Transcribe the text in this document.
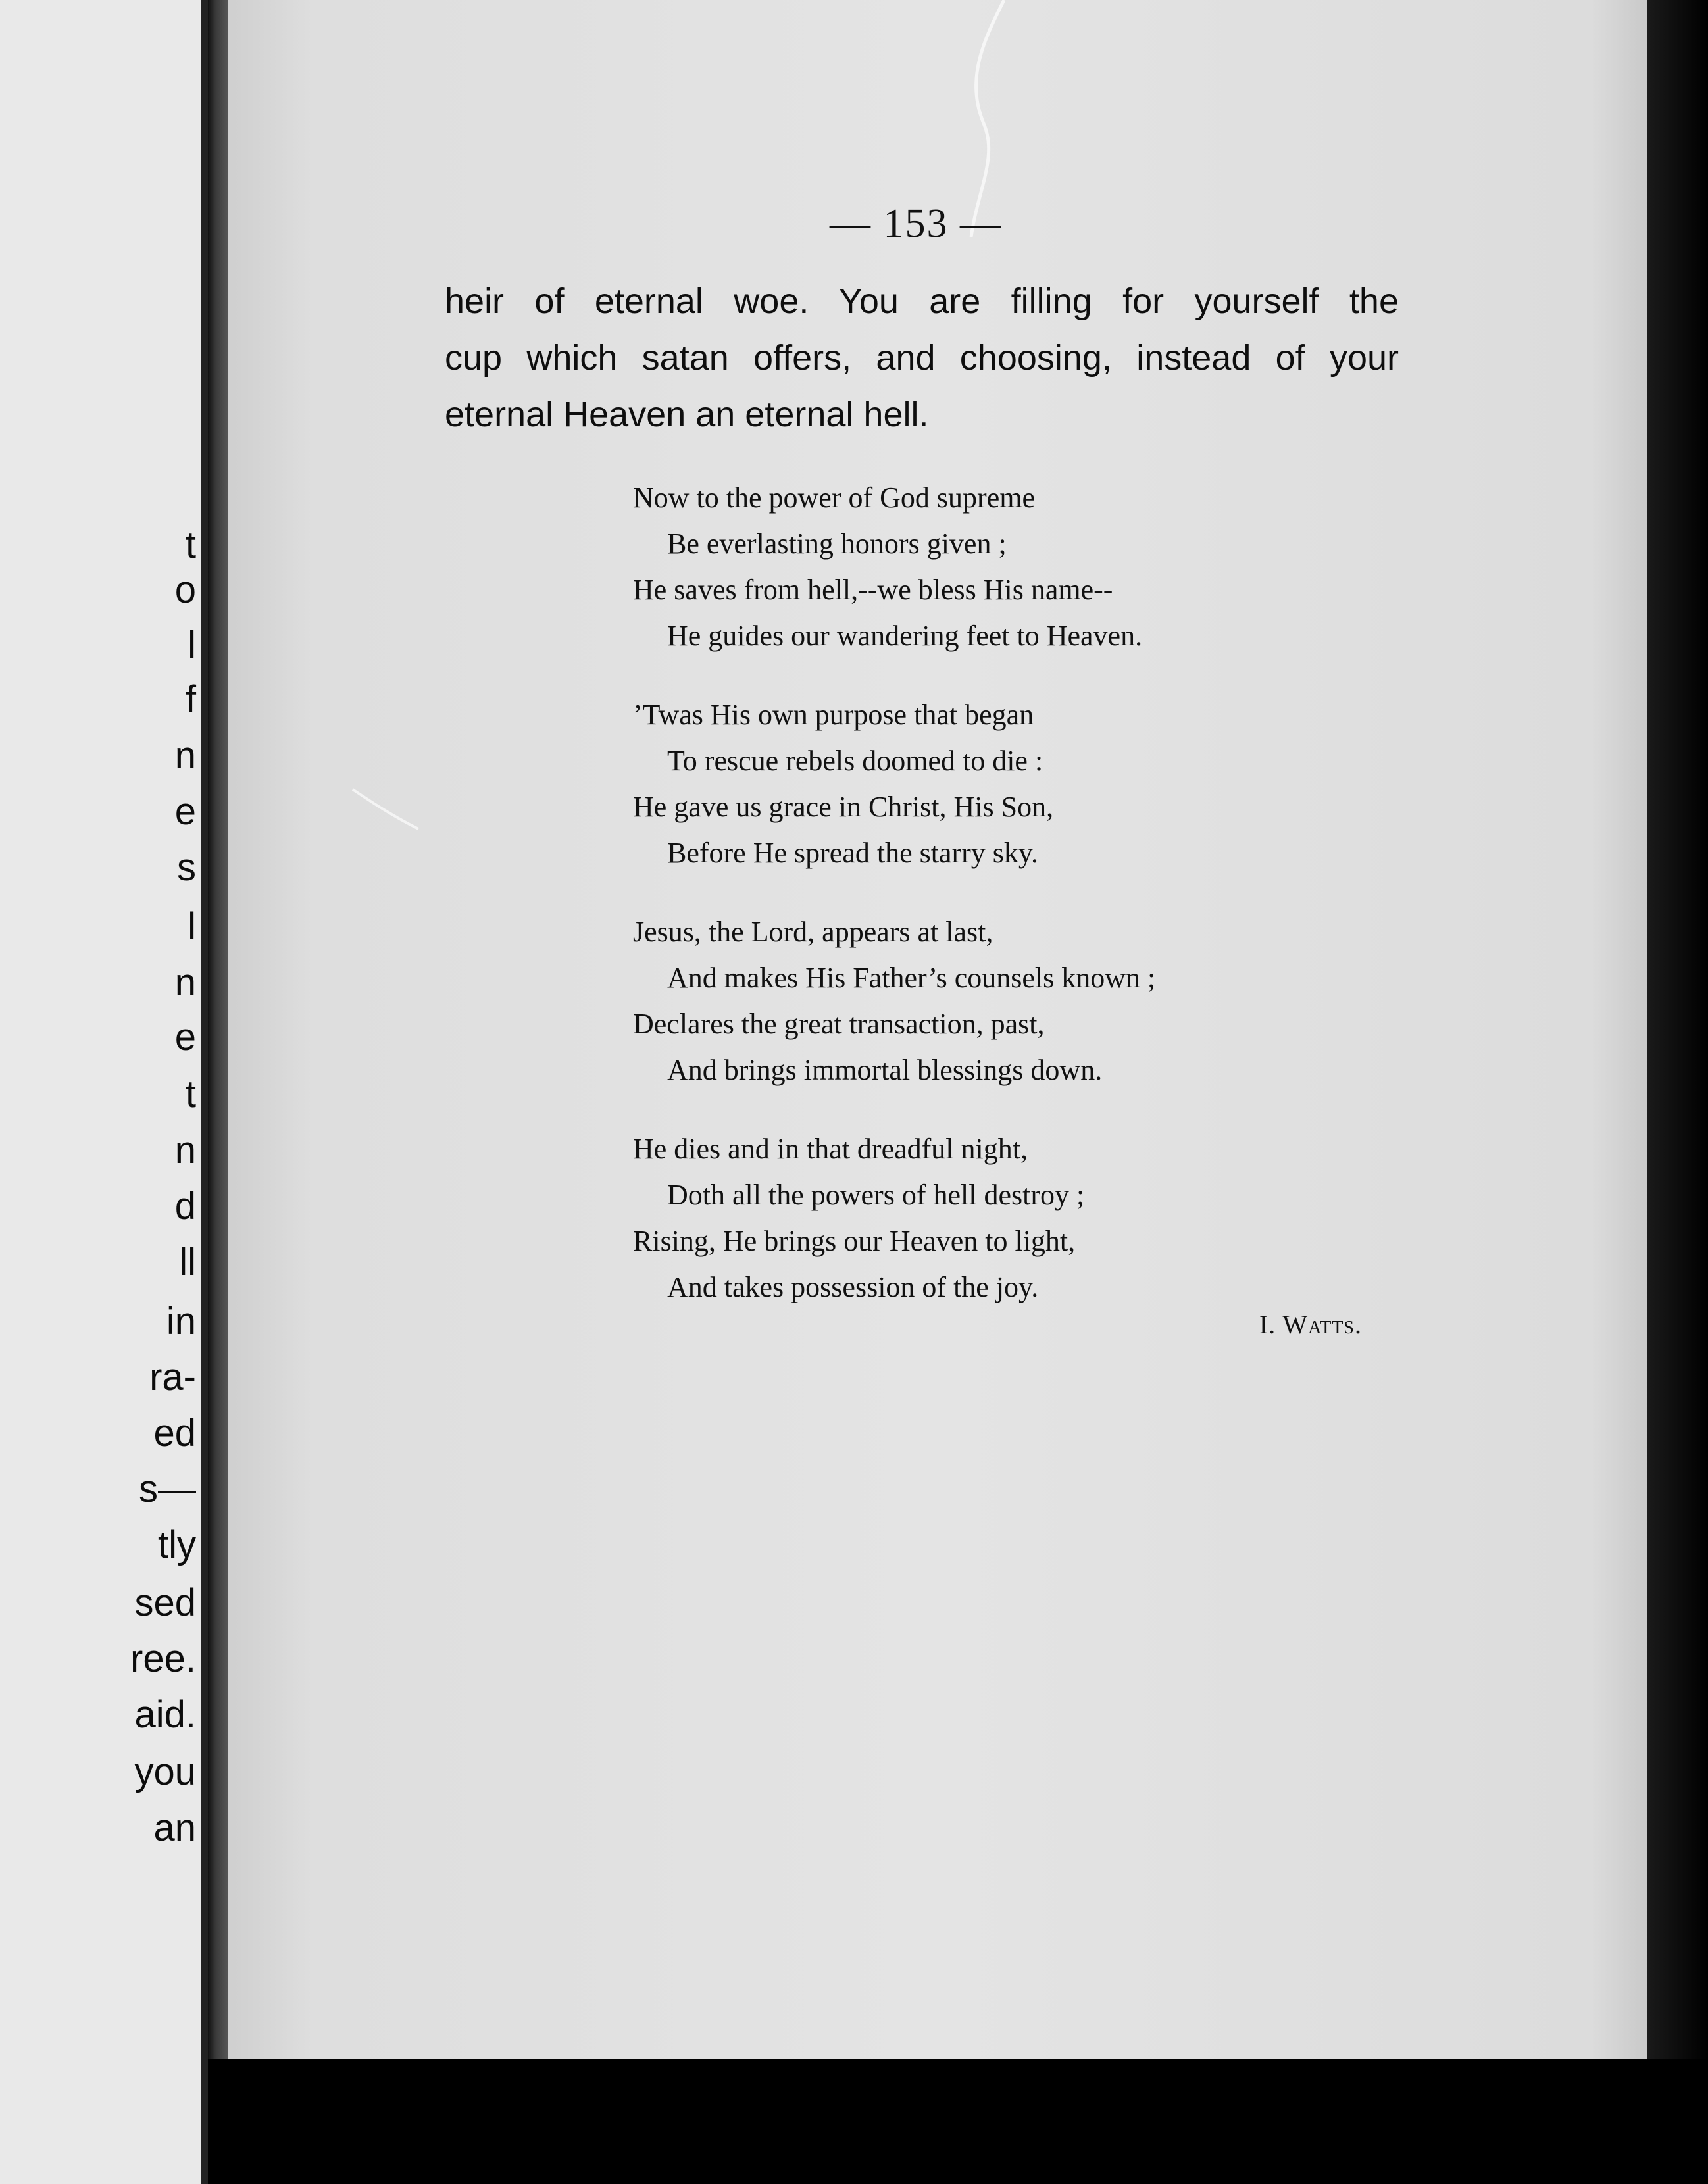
t
o
l
f
n
e
s
l
n
e
t
n
d
ll
in
ra-
ed
s—
tly
sed
ree.
aid.
you
an
— 153 —
heir of eternal woe. You are filling for yourself the
cup which satan offers, and choosing, instead of your
eternal Heaven an eternal hell.
Now to the power of God supreme
Be everlasting honors given ;
He saves from hell,--we bless His name--
He guides our wandering feet to Heaven.
’Twas His own purpose that began
To rescue rebels doomed to die :
He gave us grace in Christ, His Son,
Before He spread the starry sky.
Jesus, the Lord, appears at last,
And makes His Father’s counsels known ;
Declares the great transaction, past,
And brings immortal blessings down.
He dies and in that dreadful night,
Doth all the powers of hell destroy ;
Rising, He brings our Heaven to light,
And takes possession of the joy.
I. Watts.
